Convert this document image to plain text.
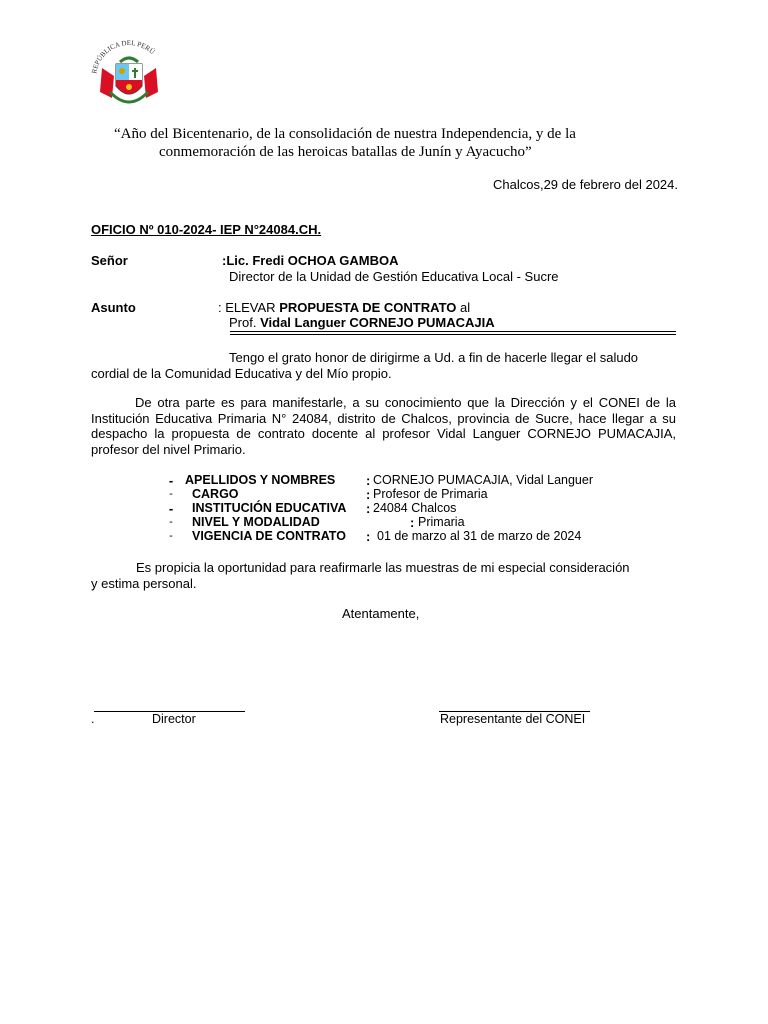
REPÚBLICA DEL PERÚ
“Año del Bicentenario, de la consolidación de nuestra Independencia, y de la
conmemoración de las heroicas batallas de Junín y Ayacucho”
Chalcos,29 de febrero del 2024.
OFICIO Nº 010-2024- IEP N°24084.CH.
Señor	:Lic. Fredi OCHOA GAMBOA
Director de la Unidad de Gestión Educativa Local - Sucre
Asunto	: ELEVAR PROPUESTA DE CONTRATO al
Prof. Vidal Languer CORNEJO PUMACAJIA
Tengo el grato honor de dirigirme a Ud. a fin de hacerle llegar el saludo
cordial de la Comunidad Educativa y del Mío propio.
De otra parte es para manifestarle, a su conocimiento que la Dirección y el CONEI de la Institución Educativa Primaria N° 24084, distrito de Chalcos, provincia de Sucre, hace llegar a su despacho la propuesta de contrato docente al profesor Vidal Languer CORNEJO PUMACAJIA, profesor del nivel Primario.
- APELLIDOS Y NOMBRES : CORNEJO PUMACAJIA, Vidal Languer
-	CARGO	: Profesor de Primaria
-	INSTITUCIÓN EDUCATIVA : 24084 Chalcos
-	NIVEL Y MODALIDAD	: Primaria
-	VIGENCIA DE CONTRATO : 01 de marzo al 31 de marzo de 2024
Es propicia la oportunidad para reafirmarle las muestras de mi especial consideración
y estima personal.
Atentamente,
.	Director	Representante del CONEI
